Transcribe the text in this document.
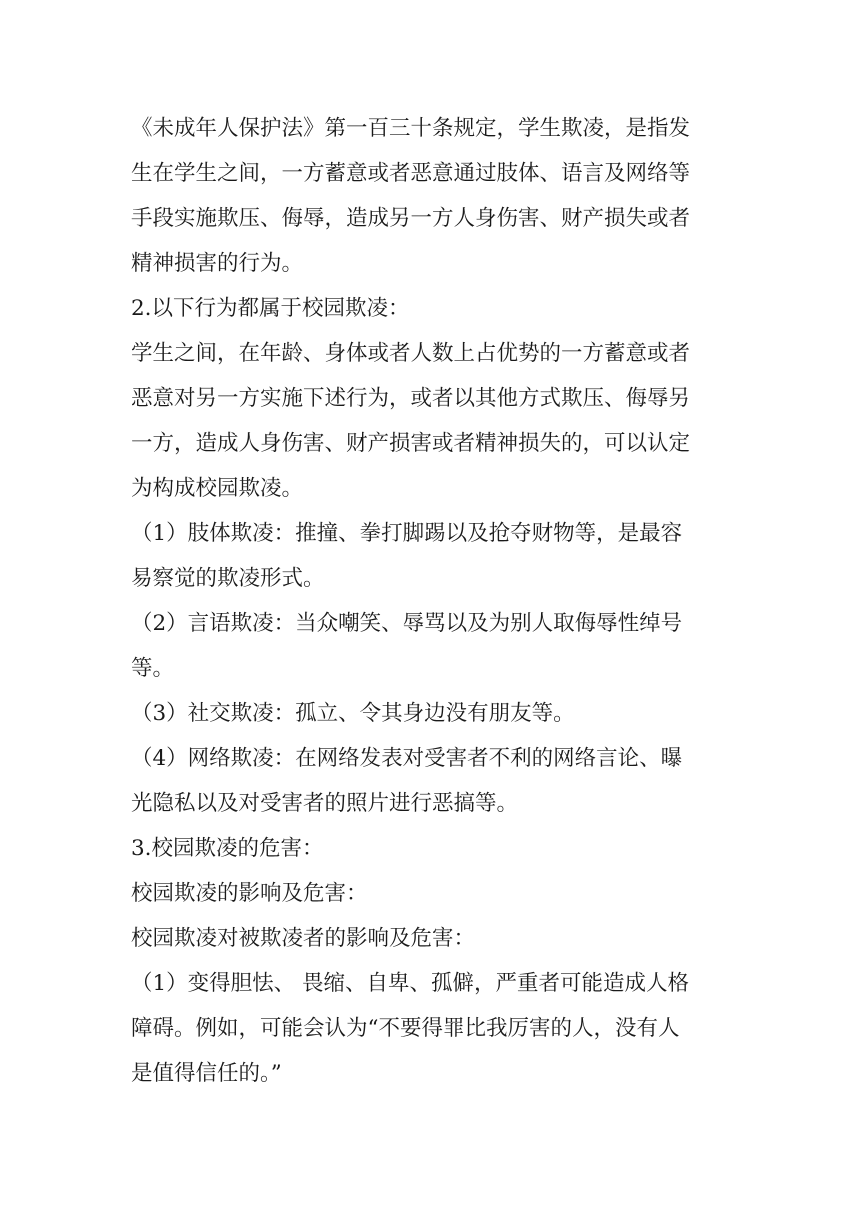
《未成年人保护法》第一百三十条规定，学生欺凌，是指发
生在学生之间，一方蓄意或者恶意通过肢体、语言及网络等
手段实施欺压、侮辱，造成另一方人身伤害、财产损失或者
精神损害的行为。
2.以下行为都属于校园欺凌：
学生之间，在年龄、身体或者人数上占优势的一方蓄意或者
恶意对另一方实施下述行为，或者以其他方式欺压、侮辱另
一方，造成人身伤害、财产损害或者精神损失的，可以认定
为构成校园欺凌。
（1）肢体欺凌：推撞、拳打脚踢以及抢夺财物等，是最容
易察觉的欺凌形式。
（2）言语欺凌：当众嘲笑、辱骂以及为别人取侮辱性绰号
等。
（3）社交欺凌：孤立、令其身边没有朋友等。
（4）网络欺凌：在网络发表对受害者不利的网络言论、曝
光隐私以及对受害者的照片进行恶搞等。
3.校园欺凌的危害：
校园欺凌的影响及危害：
校园欺凌对被欺凌者的影响及危害：
（1）变得胆怯、 畏缩、自卑、孤僻，严重者可能造成人格
障碍。例如，可能会认为“不要得罪比我厉害的人，没有人
是值得信任的。”
